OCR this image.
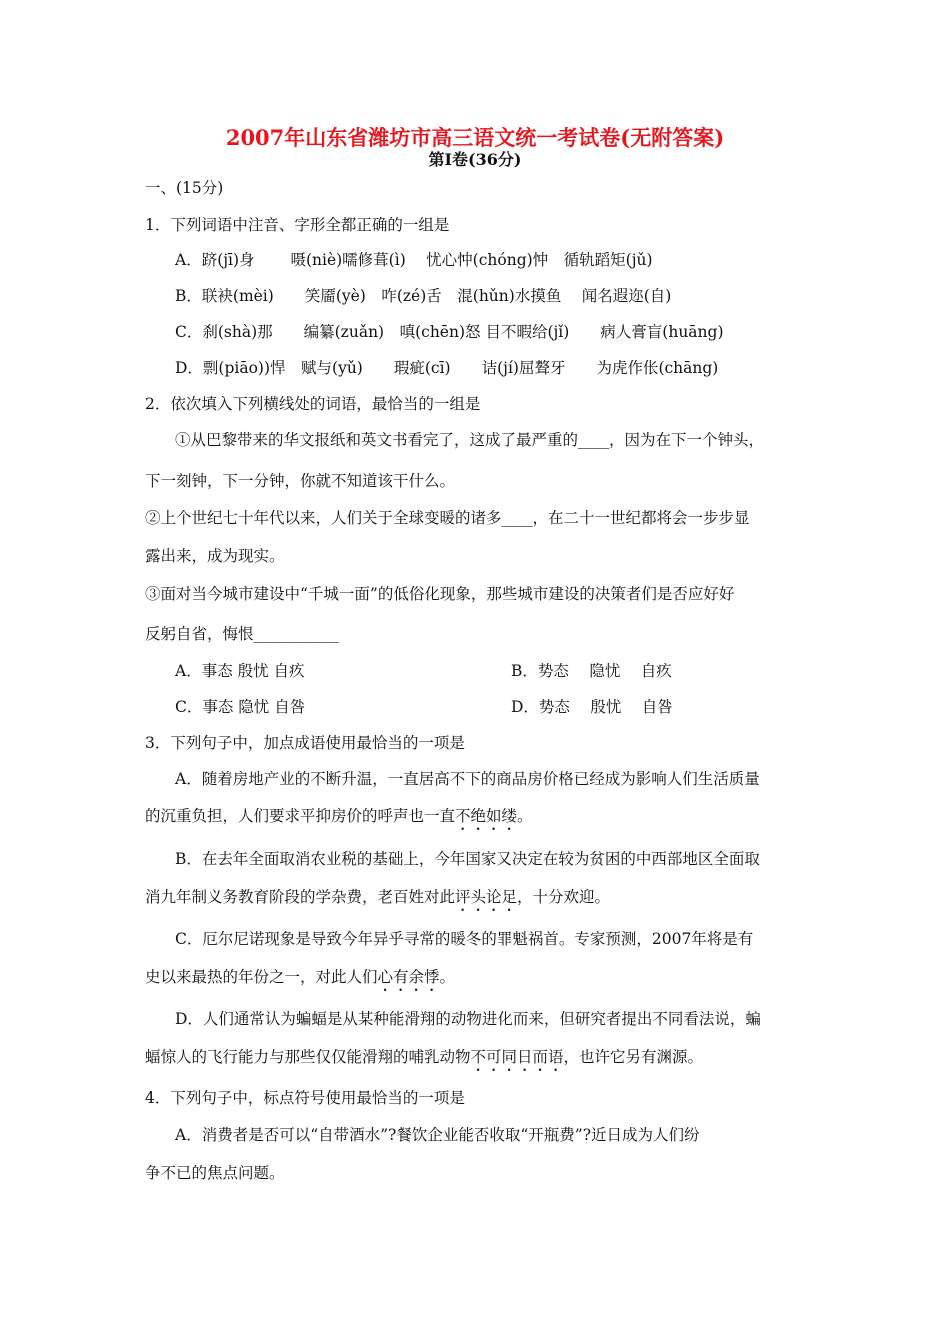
2007年山东省潍坊市高三语文统一考试卷(无附答案)
第Ⅰ卷(36分)
一、(15分)
1．下列词语中注音、字形全都正确的一组是
A．跻(jī)身　　 嗫(niè)嚅修葺(ì)　 忧心忡(chóng)忡　循轨蹈矩(jǔ)
B．联袂(mèi)　　笑靥(yè)　咋(zé)舌　混(hǔn)水摸鱼　 闻名遐迩(自)
C．刹(shà)那　　编纂(zuǎn)　嗔(chēn)怒 目不暇给(jǐ)　　病人膏盲(huāng)
D．剽(piāo))悍　赋与(yǔ)　　瑕疵(cī)　　诘(jí)屈聱牙　　为虎作伥(chāng)
2．依次填入下列横线处的词语，最恰当的一组是
①从巴黎带来的华文报纸和英文书看完了，这成了最严重的____，因为在下一个钟头，
下一刻钟，下一分钟，你就不知道该干什么。
②上个世纪七十年代以来，人们关于全球变暖的诸多____，在二十一世纪都将会一步步显
露出来，成为现实。
③面对当今城市建设中“千城一面”的低俗化现象，那些城市建设的决策者们是否应好好
反躬自省，悔恨___________
A．事态 殷忧 自疚	B．势态　 隐忧　 自疚
C．事态 隐忧 自咎	D．势态　 殷忧　 自咎
3．下列句子中，加点成语使用最恰当的一项是
A．随着房地产业的不断升温，一直居高不下的商品房价格已经成为影响人们生活质量
的沉重负担，人们要求平抑房价的呼声也一直不绝如缕。
B．在去年全面取消农业税的基础上，今年国家又决定在较为贫困的中西部地区全面取
消九年制义务教育阶段的学杂费，老百姓对此评头论足，十分欢迎。
C．厄尔尼诺现象是导致今年异乎寻常的暖冬的罪魁祸首。专家预测，2007年将是有
史以来最热的年份之一，对此人们心有余悸。
D．人们通常认为蝙蝠是从某种能滑翔的动物进化而来，但研究者提出不同看法说，蝙
蝠惊人的飞行能力与那些仅仅能滑翔的哺乳动物不可同日而语，也许它另有渊源。
4．下列句子中，标点符号使用最恰当的一项是
A．消费者是否可以“自带酒水”?餐饮企业能否收取“开瓶费”?近日成为人们纷
争不已的焦点问题。
